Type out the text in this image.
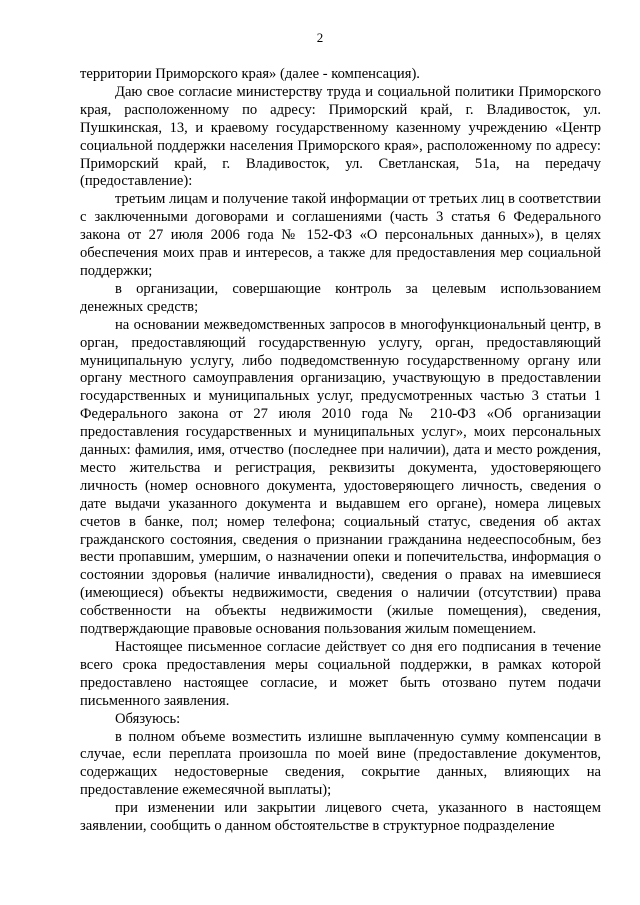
2

территории Приморского края» (далее - компенсация).

Даю свое согласие министерству труда и социальной политики Приморского края, расположенному по адресу: Приморский край, г. Владивосток, ул. Пушкинская, 13, и краевому государственному казенному учреждению «Центр социальной поддержки населения Приморского края», расположенному по адресу: Приморский край, г. Владивосток, ул. Светланская, 51а, на передачу (предоставление):

третьим лицам и получение такой информации от третьих лиц в соответствии с заключенными договорами и соглашениями (часть 3 статья 6 Федерального закона от 27 июля 2006 года № 152-ФЗ «О персональных данных»), в целях обеспечения моих прав и интересов, а также для предоставления мер социальной поддержки;

в организации, совершающие контроль за целевым использованием денежных средств;

на основании межведомственных запросов в многофункциональный центр, в орган, предоставляющий государственную услугу, орган, предоставляющий муниципальную услугу, либо подведомственную государственному органу или органу местного самоуправления организацию, участвующую в предоставлении государственных и муниципальных услуг, предусмотренных частью 3 статьи 1 Федерального закона от 27 июля 2010 года № 210-ФЗ «Об организации предоставления государственных и муниципальных услуг», моих персональных данных: фамилия, имя, отчество (последнее при наличии), дата и место рождения, место жительства и регистрация, реквизиты документа, удостоверяющего личность (номер основного документа, удостоверяющего личность, сведения о дате выдачи указанного документа и выдавшем его органе), номера лицевых счетов в банке, пол; номер телефона; социальный статус, сведения об актах гражданского состояния, сведения о признании гражданина недееспособным, без вести пропавшим, умершим, о назначении опеки и попечительства, информация о состоянии здоровья (наличие инвалидности), сведения о правах на имевшиеся (имеющиеся) объекты недвижимости, сведения о наличии (отсутствии) права собственности на объекты недвижимости (жилые помещения), сведения, подтверждающие правовые основания пользования жилым помещением.

Настоящее письменное согласие действует со дня его подписания в течение всего срока предоставления меры социальной поддержки, в рамках которой предоставлено настоящее согласие, и может быть отозвано путем подачи письменного заявления.

Обязуюсь:

в полном объеме возместить излишне выплаченную сумму компенсации в случае, если переплата произошла по моей вине (предоставление документов, содержащих недостоверные сведения, сокрытие данных, влияющих на предоставление ежемесячной выплаты);

при изменении или закрытии лицевого счета, указанного в настоящем заявлении, сообщить о данном обстоятельстве в структурное подразделение
